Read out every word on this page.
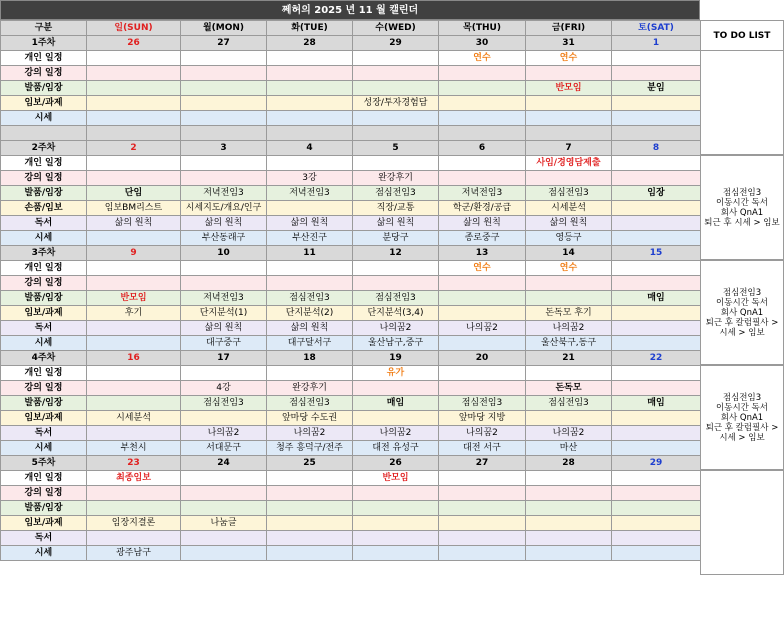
쩨허의 2025 년 11 월 캘린더
구분	일(SUN)	월(MON)	화(TUE)	수(WED)	목(THU)	금(FRI)	토(SAT)
1주차	26	27	28	29	30	31	1
개인 일정					연수	연수	
강의 일정							
발품/임장						반모임	분임
임보/과제				성장/투자경험담			
시세							

2주차	2	3	4	5	6	7	8
개인 일정						사임/경영담제출	
강의 일정			3강	완강후기			
발품/임장	단임	저녁전임3	저녁전임3	점심전임3	저녁전임3	점심전임3	임장
손품/임보	임보BM리스트	시세지도/개요/인구		직장/교통	학군/환경/공급	시세분석	
독서	삶의 원칙	삶의 원칙	삶의 원칙	삶의 원칙	삶의 원칙	삶의 원칙	
시세		부산동래구	부산진구	분당구	종로중구	영등구	
3주차	9	10	11	12	13	14	15
개인 일정					연수	연수	
강의 일정							
발품/임장	반모임	저녁전임3	점심전임3	점심전임3			매임
임보/과제	후기	단지분석(1)	단지분석(2)	단지분석(3,4)		돈독모 후기	
독서		삶의 원칙	삶의 원칙	나의꿈2	나의꿈2	나의꿈2	
시세		대구중구	대구달서구	울산남구,중구		울산북구,동구	
4주차	16	17	18	19	20	21	22
개인 일정				유가			
강의 일정		4강	완강후기			돈독모	
발품/임장		점심전임3	점심전임3	매임	점심전임3	점심전임3	매임
임보/과제	시세분석		앞마당 수도권		앞마당 지방		
독서		나의꿈2	나의꿈2	나의꿈2	나의꿈2	나의꿈2	
시세	부천시	서대문구	청주 흥덕구/전주	대전 유성구	대전 서구	마산	
5주차	23	24	25	26	27	28	29
개인 일정	최종임보			반모임			
강의 일정							
발품/임장							
임보/과제	임장지결론	나눔글					
독서							
시세	광주남구						
TO DO LIST
점심전임3
이동시간 독서
회사 QnA1
퇴근 후 시세 > 임보
점심전임3
이동시간 독서
회사 QnA1
퇴근 후 칼럼필사 >
시세 > 임보
점심전임3
이동시간 독서
회사 QnA1
퇴근 후 칼럼필사 >
시세 > 임보
